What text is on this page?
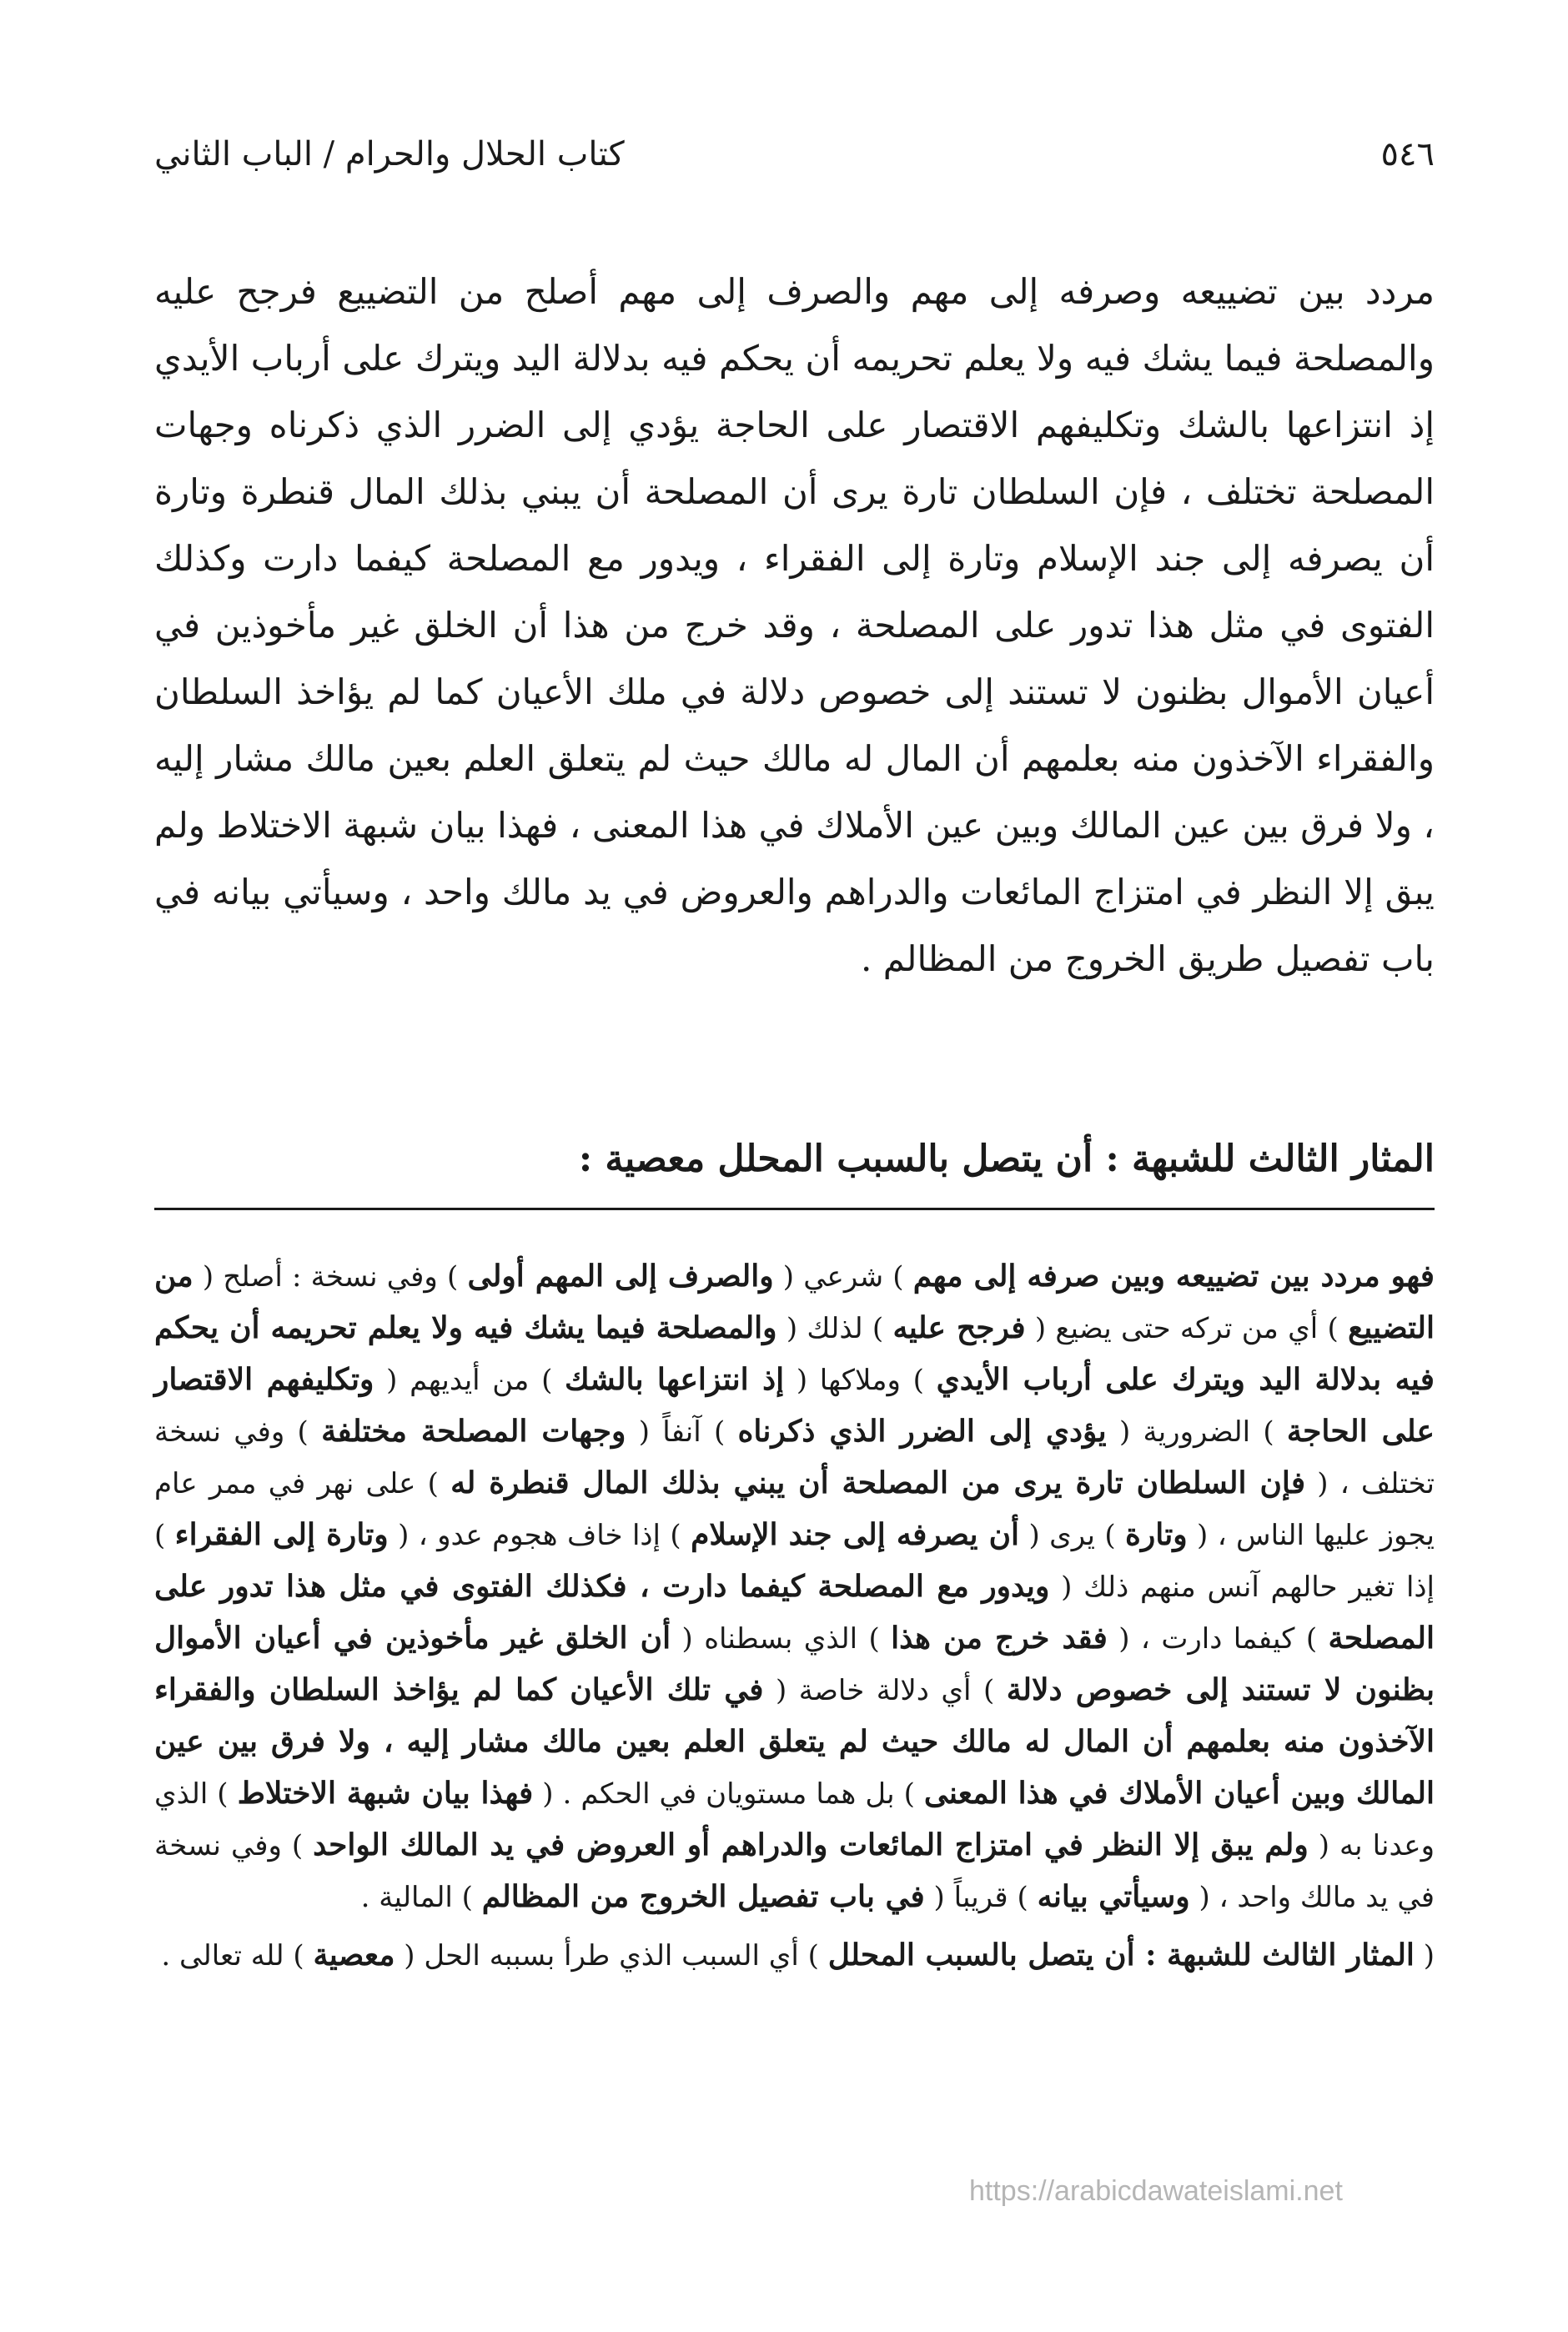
٥٤٦
كتاب الحلال والحرام / الباب الثاني

مردد بين تضييعه وصرفه إلى مهم والصرف إلى مهم أصلح من التضييع فرجح عليه والمصلحة فيما يشك فيه ولا يعلم تحريمه أن يحكم فيه بدلالة اليد ويترك على أرباب الأيدي إذ انتزاعها بالشك وتكليفهم الاقتصار على الحاجة يؤدي إلى الضرر الذي ذكرناه وجهات المصلحة تختلف ، فإن السلطان تارة يرى أن المصلحة أن يبني بذلك المال قنطرة وتارة أن يصرفه إلى جند الإسلام وتارة إلى الفقراء ، ويدور مع المصلحة كيفما دارت وكذلك الفتوى في مثل هذا تدور على المصلحة ، وقد خرج من هذا أن الخلق غير مأخوذين في أعيان الأموال بظنون لا تستند إلى خصوص دلالة في ملك الأعيان كما لم يؤاخذ السلطان والفقراء الآخذون منه بعلمهم أن المال له مالك حيث لم يتعلق العلم بعين مالك مشار إليه ، ولا فرق بين عين المالك وبين عين الأملاك في هذا المعنى ، فهذا بيان شبهة الاختلاط ولم يبق إلا النظر في امتزاج المائعات والدراهم والعروض في يد مالك واحد ، وسيأتي بيانه في باب تفصيل طريق الخروج من المظالم .

المثار الثالث للشبهة : أن يتصل بالسبب المحلل معصية :

فهو مردد بين تضييعه وبين صرفه إلى مهم ) شرعي ( والصرف إلى المهم أولى ) وفي نسخة : أصلح ( من التضييع ) أي من تركه حتى يضيع ( فرجح عليه ) لذلك ( والمصلحة فيما يشك فيه ولا يعلم تحريمه أن يحكم فيه بدلالة اليد ويترك على أرباب الأيدي ) وملاكها ( إذ انتزاعها بالشك ) من أيديهم ( وتكليفهم الاقتصار على الحاجة ) الضرورية ( يؤدي إلى الضرر الذي ذكرناه ) آنفاً ( وجهات المصلحة مختلفة ) وفي نسخة تختلف ، ( فإن السلطان تارة يرى من المصلحة أن يبني بذلك المال قنطرة له ) على نهر في ممر عام يجوز عليها الناس ، ( وتارة ) يرى ( أن يصرفه إلى جند الإسلام ) إذا خاف هجوم عدو ، ( وتارة إلى الفقراء ) إذا تغير حالهم آنس منهم ذلك ( ويدور مع المصلحة كيفما دارت ، فكذلك الفتوى في مثل هذا تدور على المصلحة ) كيفما دارت ، ( فقد خرج من هذا ) الذي بسطناه ( أن الخلق غير مأخوذين في أعيان الأموال بظنون لا تستند إلى خصوص دلالة ) أي دلالة خاصة ( في تلك الأعيان كما لم يؤاخذ السلطان والفقراء الآخذون منه بعلمهم أن المال له مالك حيث لم يتعلق العلم بعين مالك مشار إليه ، ولا فرق بين عين المالك وبين أعيان الأملاك في هذا المعنى ) بل هما مستويان في الحكم . ( فهذا بيان شبهة الاختلاط ) الذي وعدنا به ( ولم يبق إلا النظر في امتزاج المائعات والدراهم أو العروض في يد المالك الواحد ) وفي نسخة في يد مالك واحد ، ( وسيأتي بيانه ) قريباً ( في باب تفصيل الخروج من المظالم ) المالية .

( المثار الثالث للشبهة : أن يتصل بالسبب المحلل ) أي السبب الذي طرأ بسببه الحل ( معصية ) لله تعالى .

https://arabicdawateislami.net
